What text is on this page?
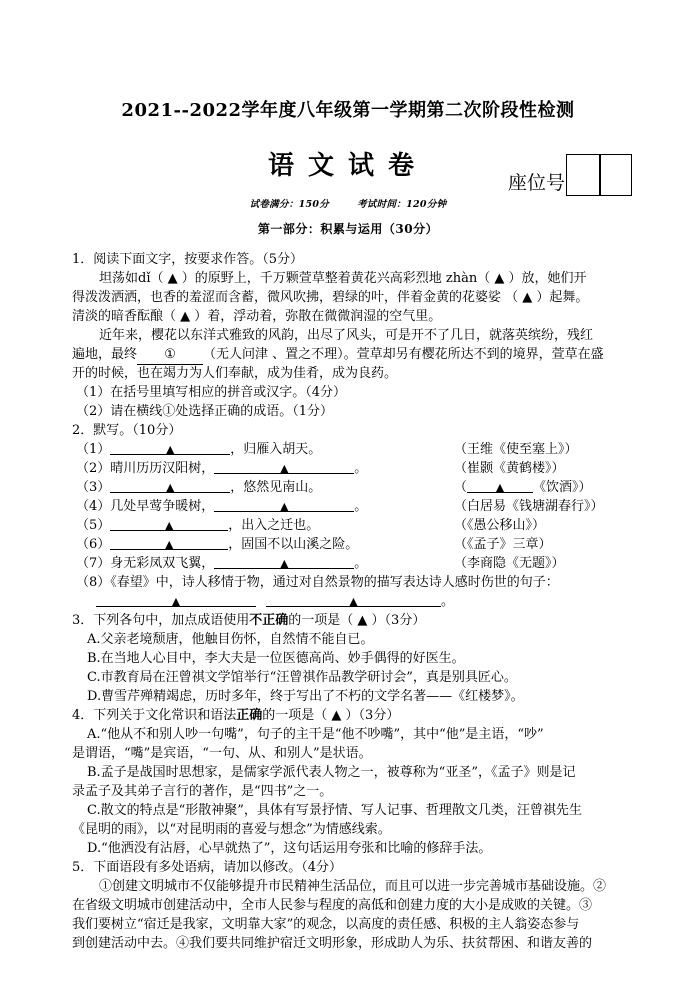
2021--2022学年度八年级第一学期第二次阶段性检测
语文试卷
座位号
试卷满分：150分	考试时间：120分钟
第一部分：积累与运用（30分）
1．阅读下面文字，按要求作答。（5分）
坦荡如dǐ（ ▲ ）的原野上，千万颗萱草整着黄花兴高彩烈地 zhàn（ ▲ ）放，她们开
得泼泼洒洒，也香的羞涩而含蓄，微风吹拂，碧绿的叶，伴着金黄的花婆娑 （ ▲ ）起舞。
清淡的暗香酝酿（ ▲ ）着，浮动着，弥散在微微润湿的空气里。
近年来，樱花以东洋式雅致的风韵，出尽了风头，可是开不了几日，就落英缤纷，残红
遍地，最终 ① （无人问津 、置之不理）。萱草却另有樱花所达不到的境界，萱草在盛
开的时候，也在竭力为人们奉献，成为佳肴，成为良药。
（1）在括号里填写相应的拼音或汉字。（4分）
（2）请在横线①处选择正确的成语。（1分）
2．默写。（10分）
（1）	▲	，归雁入胡天。	（王维《使至塞上》）
（2）晴川历历汉阳树，	▲	。	（崔颢《黄鹤楼》）
（3）	▲	，悠然见南山。	（	▲ 《饮酒》）
（4）几处早莺争暖树，	▲	。	（白居易《钱塘湖春行》）
（5）	▲	，出入之迁也。	（《愚公移山》）
（6）	▲	，固国不以山溪之险。	（《孟子》三章）
（7）身无彩凤双飞翼，	▲	。	（李商隐《无题》）
（8）《春望》中，诗人移情于物，通过对自然景物的描写表达诗人感时伤世的句子：
▲	▲	。
3．下列各句中，加点成语使用不正确的一项是（ ▲ ）（3分）
A.父亲老境颓唐，他触目伤怀，自然情不能自已。
B.在当地人心目中，李大夫是一位医德高尚、妙手偶得的好医生。
C.市教育局在汪曾祺文学馆举行“汪曾祺作品教学研讨会”，真是别具匠心。
D.曹雪芹殚精竭虑，历时多年，终于写出了不朽的文学名著——《红楼梦》。
4．下列关于文化常识和语法正确的一项是（ ▲ ）（3分）
A.“他从不和别人吵一句嘴”，句子的主干是“他不吵嘴”，其中“他”是主语，“吵”
是谓语，“嘴”是宾语，“一句、从、和别人”是状语。
B.孟子是战国时思想家，是儒家学派代表人物之一，被尊称为“亚圣”，《孟子》则是记
录孟子及其弟子言行的著作，是“四书”之一。
C.散文的特点是“形散神聚”，具体有写景抒情、写人记事、哲理散文几类，汪曾祺先生
《昆明的雨》，以“对昆明雨的喜爱与想念”为情感线索。
D.“他洒没有沾唇，心早就热了”，这句话运用夸张和比喻的修辞手法。
5．下面语段有多处语病，请加以修改。（4分）
①创建文明城市不仅能够提升市民精神生活品位，而且可以进一步完善城市基础设施。②
在省级文明城市创建活动中，全市人民参与程度的高低和创建力度的大小是成败的关键。③
我们要树立“宿迁是我家，文明靠大家”的观念，以高度的责任感、积极的主人翁姿态参与
到创建活动中去。④我们要共同维护宿迁文明形象，形成助人为乐、扶贫帮困、和谐友善的
